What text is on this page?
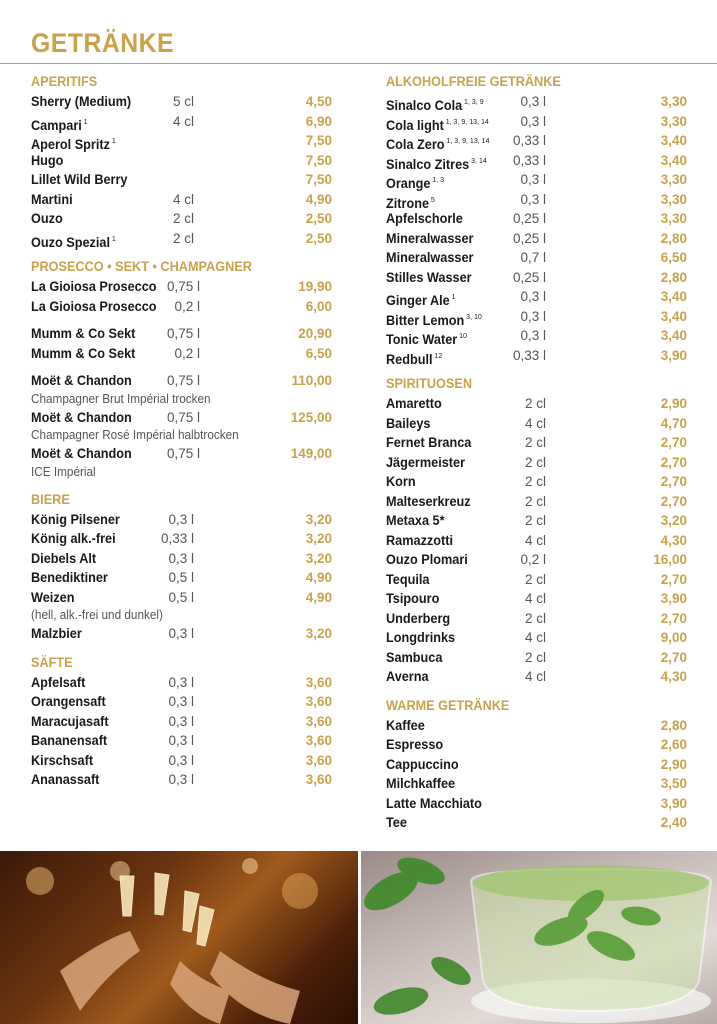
GETRÄNKE
APERITIFS
Sherry (Medium)	5 cl	4,50
Campari $^1$	4 cl	6,90
Aperol Spritz $^1$	7,50
Hugo	7,50
Lillet Wild Berry	7,50
Martini	4 cl	4,90
Ouzo	2 cl	2,50
Ouzo Spezial $^1$	2 cl	2,50
PROSECCO • SEKT • CHAMPAGNER
La Gioiosa Prosecco 0,75 l	19,90
La Gioiosa Prosecco 0,2 l	6,00
Mumm & Co Sekt 0,75 l	20,90
Mumm & Co Sekt	0,2 l	6,50
Moët & Chandon	0,75 l	110,00
Champagner Brut Impérial trocken
Moët & Chandon	0,75 l	125,00
Champagner Rosé Impérial halbtrocken
Moët & Chandon	0,75 l	149,00
ICE Impérial
BIERE
König Pilsener	0,3 l	3,20
König alk.-frei	0,33 l	3,20
Diebels Alt	0,3 l	3,20
Benediktiner	0,5 l	4,90
Weizen	0,5 l	4,90
(hell, alk.-frei und dunkel)
Malzbier	0,3 l	3,20
SÄFTE
Apfelsaft	0,3 l	3,60
Orangensaft	0,3 l	3,60
Maracujasaft	0,3 l	3,60
Bananensaft	0,3 l	3,60
Kirschsaft	0,3 l	3,60
Ananassaft	0,3 l	3,60
ALKOHOLFREIE GETRÄNKE
Sinalco Cola $^{1, 3, 9}$	0,3 l	3,30
Cola light $^{1, 3, 9, 13, 14}$ 0,3 l	3,30
Cola Zero $^{1, 3, 9, 13, 14}$ 0,33 l	3,40
Sinalco Zitres $^{3, 14}$ 0,33 l	3,40
Orange $^{1, 3}$	0,3 l	3,30
Zitrone $^5$	0,3 l	3,30
Apfelschorle	0,25 l	3,30
Mineralwasser	0,25 l	2,80
Mineralwasser	0,7 l	6,50
Stilles Wasser	0,25 l	2,80
Ginger Ale $^1$	0,3 l	3,40
Bitter Lemon $^{3, 10}$	0,3 l	3,40
Tonic Water $^{10}$	0,3 l	3,40
Redbull $^{12}$	0,33 l	3,90
SPIRITUOSEN
Amaretto	2 cl	2,90
Baileys	4 cl	4,70
Fernet Branca	2 cl	2,70
Jägermeister	2 cl	2,70
Korn	2 cl	2,70
Malteserkreuz	2 cl	2,70
Metaxa 5*	2 cl	3,20
Ramazzotti	4 cl	4,30
Ouzo Plomari	0,2 l	16,00
Tequila	2 cl	2,70
Tsipouro	4 cl	3,90
Underberg	2 cl	2,70
Longdrinks	4 cl	9,00
Sambuca	2 cl	2,70
Averna	4 cl	4,30
WARME GETRÄNKE
Kaffee	2,80
Espresso	2,60
Cappuccino	2,90
Milchkaffee	3,50
Latte Macchiato	3,90
Tee	2,40
